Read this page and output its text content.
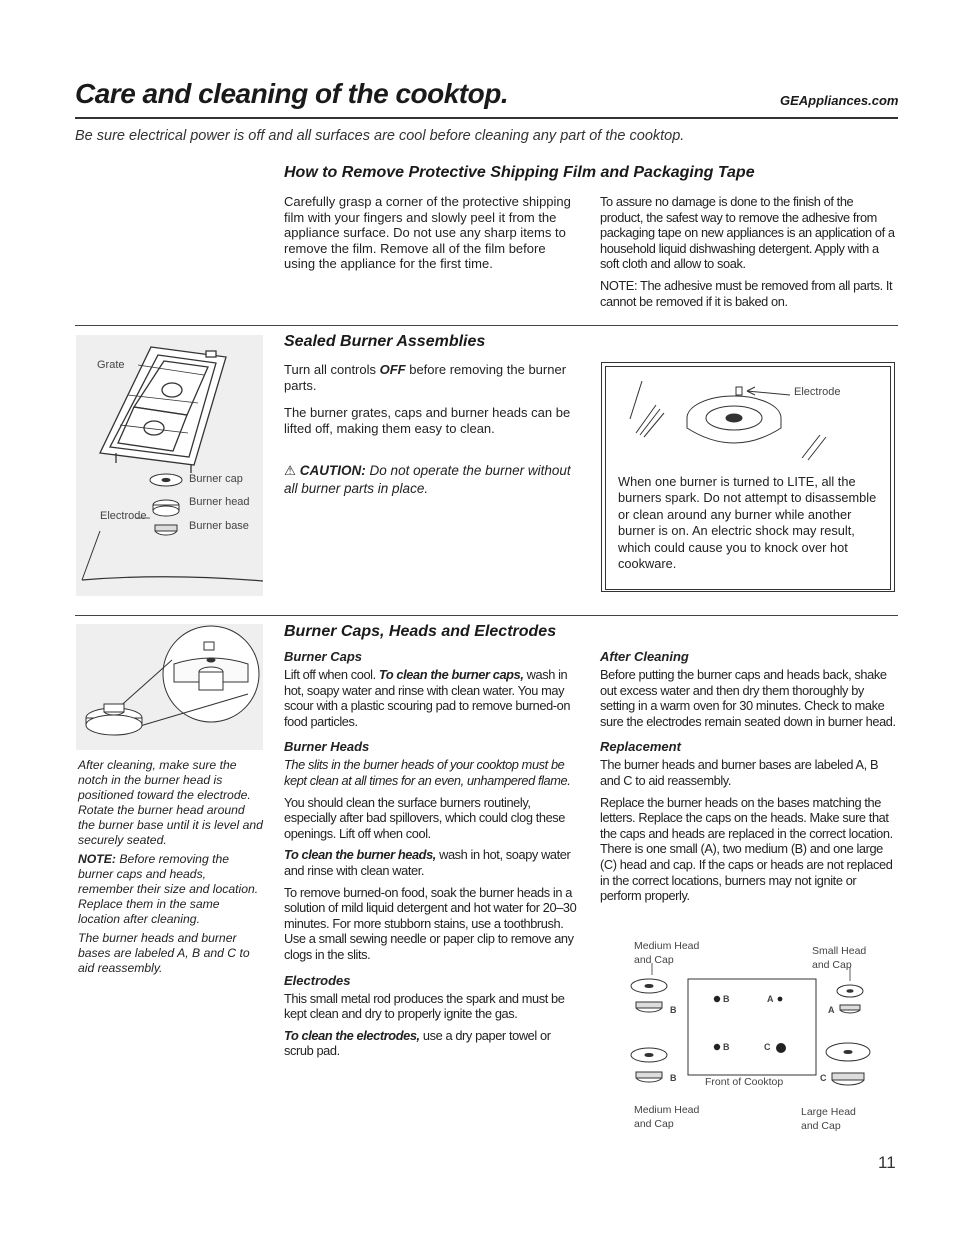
Care and cleaning of the cooktop.	GEAppliances.com
Be sure electrical power is off and all surfaces are cool before cleaning any part of the cooktop.
How to Remove Protective Shipping Film and Packaging Tape

Carefully grasp a corner of the protective shipping film with your fingers and slowly peel it from the appliance surface. Do not use any sharp items to remove the film. Remove all of the film before using the appliance for the first time.

To assure no damage is done to the finish of the product, the safest way to remove the adhesive from packaging tape on new appliances is an application of a household liquid dishwashing detergent. Apply with a soft cloth and allow to soak.

NOTE: The adhesive must be removed from all parts. It cannot be removed if it is baked on.

Grate
Burner cap
Burner head
Electrode
Burner base
Sealed Burner Assemblies

Turn all controls OFF before removing the burner parts.

The burner grates, caps and burner heads can be lifted off, making them easy to clean.

⚠ CAUTION: Do not operate the burner without all burner parts in place.

Electrode

When one burner is turned to LITE, all the burners spark. Do not attempt to disassemble or clean around any burner while another burner is on. An electric shock may result, which could cause you to knock over hot cookware.

After cleaning, make sure the notch in the burner head is positioned toward the electrode. Rotate the burner head around the burner base until it is level and securely seated.

NOTE: Before removing the burner caps and heads, remember their size and location. Replace them in the same location after cleaning.

The burner heads and burner bases are labeled A, B and C to aid reassembly.

Burner Caps, Heads and Electrodes
Burner Caps

Lift off when cool. To clean the burner caps, wash in hot, soapy water and rinse with clean water. You may scour with a plastic scouring pad to remove burned-on food particles.

Burner Heads

The slits in the burner heads of your cooktop must be kept clean at all times for an even, unhampered flame.

You should clean the surface burners routinely, especially after bad spillovers, which could clog these openings. Lift off when cool.

To clean the burner heads, wash in hot, soapy water and rinse with clean water.

To remove burned-on food, soak the burner heads in a solution of mild liquid detergent and hot water for 20–30 minutes. For more stubborn stains, use a toothbrush. Use a small sewing needle or paper clip to remove any clogs in the slits.

Electrodes

This small metal rod produces the spark and must be kept clean and dry to properly ignite the gas.

To clean the electrodes, use a dry paper towel or scrub pad.

After Cleaning

Before putting the burner caps and heads back, shake out excess water and then dry them thoroughly by setting in a warm oven for 30 minutes. Check to make sure the electrodes remain seated down in burner head.

Replacement

The burner heads and burner bases are labeled A, B and C to aid reassembly.

Replace the burner heads on the bases matching the letters. Replace the caps on the heads. Make sure that the caps and heads are replaced in the correct location. There is one small (A), two medium (B) and one large (C) head and cap. If the caps or heads are not replaced in the correct locations, burners may not ignite or perform properly.

Medium Head
and Cap
Small Head
and Cap
Medium Head
and Cap
Large Head
and Cap
Front of Cooktop
B
B	A
A
B	C
B	C
11
